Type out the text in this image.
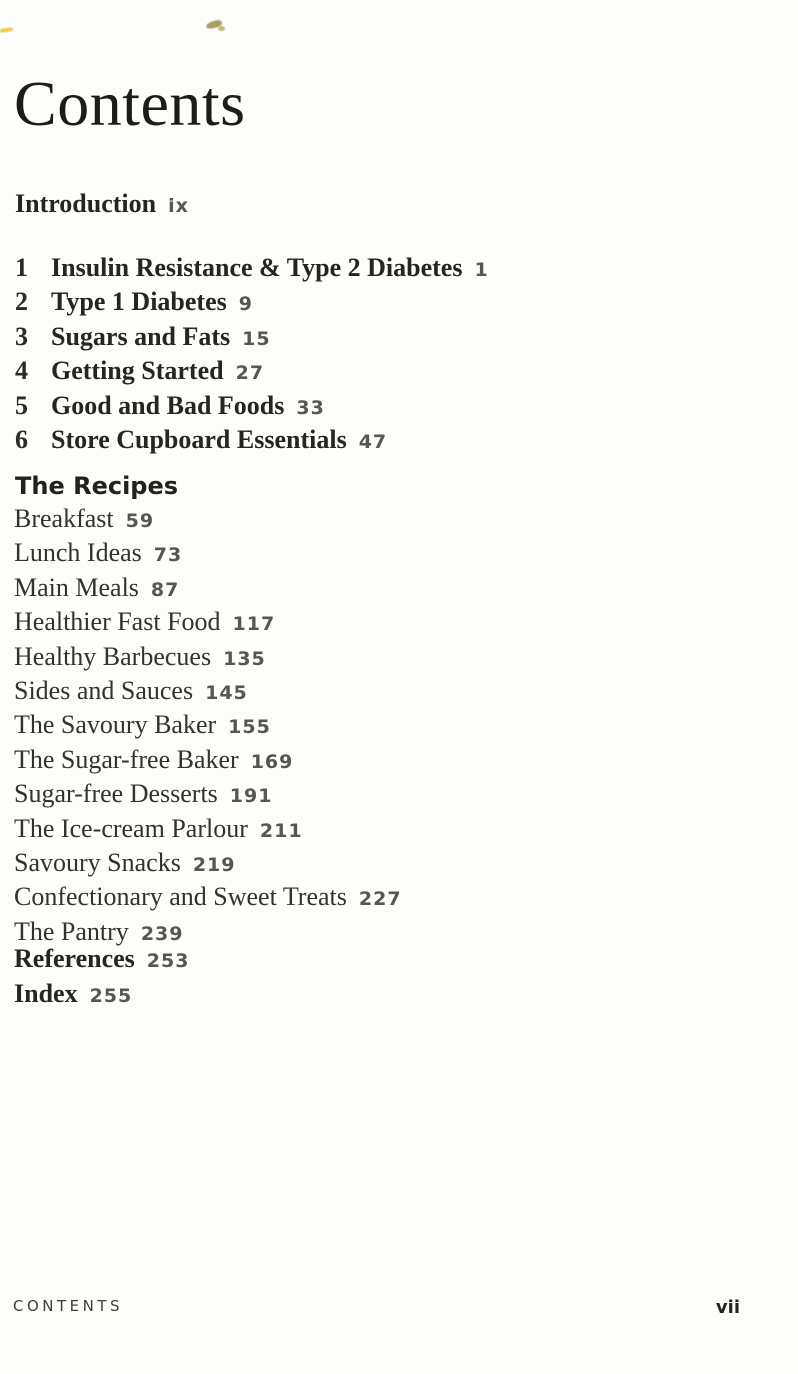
Contents
Introduction ix
1 Insulin Resistance & Type 2 Diabetes 1
2 Type 1 Diabetes 9
3 Sugars and Fats 15
4 Getting Started 27
5 Good and Bad Foods 33
6 Store Cupboard Essentials 47
The Recipes
Breakfast 59
Lunch Ideas 73
Main Meals 87
Healthier Fast Food 117
Healthy Barbecues 135
Sides and Sauces 145
The Savoury Baker 155
The Sugar-free Baker 169
Sugar-free Desserts 191
The Ice-cream Parlour 211
Savoury Snacks 219
Confectionary and Sweet Treats 227
The Pantry 239
References 253
Index 255
CONTENTS	vii
